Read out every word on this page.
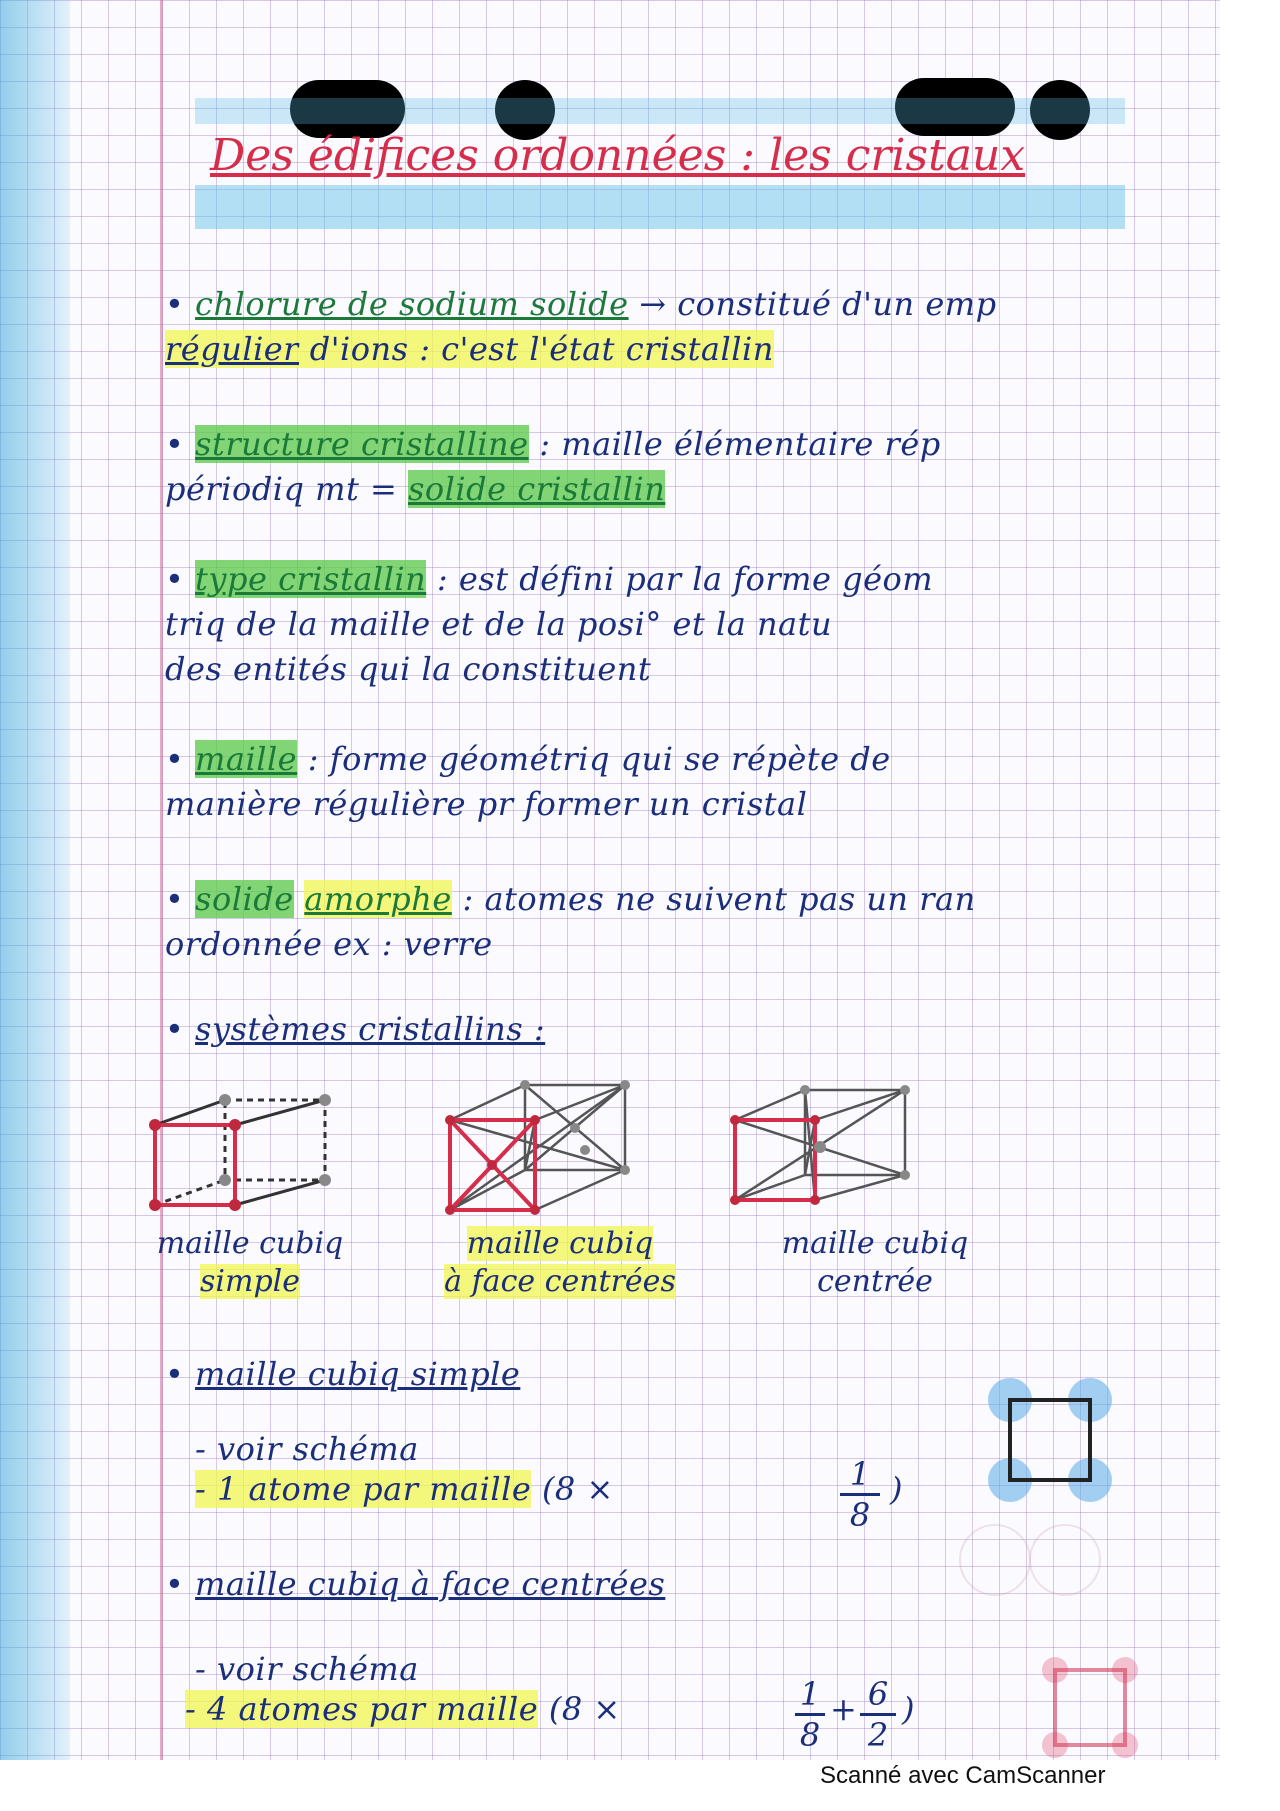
Des édifices ordonnées : les cristaux
• chlorure de sodium solide → constitué d'un emp
régulier d'ions : c'est l'état cristallin
• structure cristalline : maille élémentaire rép
périodiq mt = solide cristallin
• type cristallin : est défini par la forme géom
triq de la maille et de la posi° et la natu
des entités qui la constituent
• maille : forme géométriq qui se répète de
manière régulière pr former un cristal
• solide amorphe : atomes ne suivent pas un ran
ordonnée ex : verre
• systèmes cristallins :
maille cubiq
simple
maille cubiq
à face centrées
maille cubiq
centrée
• maille cubiq simple
- voir schéma
- 1 atome par maille (8 ×	$\frac{1}{8}$ )
• maille cubiq à face centrées
- voir schéma
- 4 atomes par maille (8 ×	$\frac{1}{8} + \frac{6}{2}$ )
Scanné avec CamScanner
